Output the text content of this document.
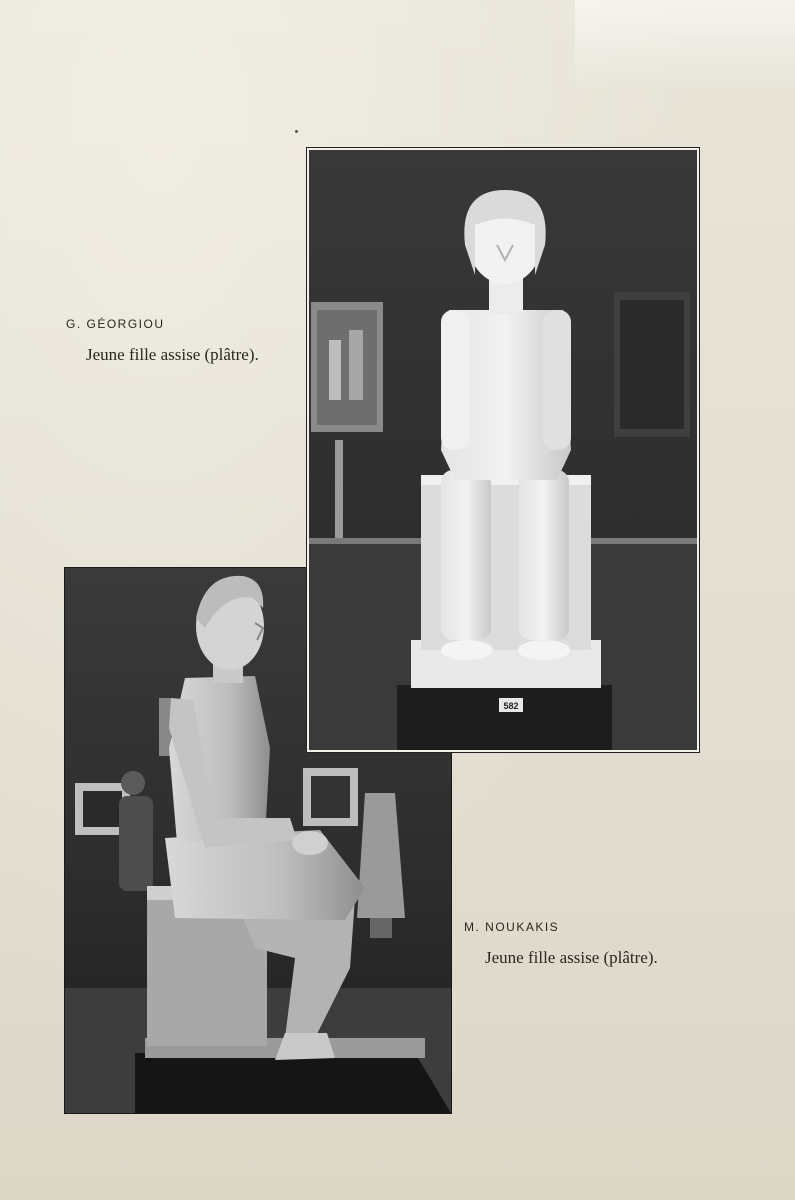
G. GÉORGIOU
Jeune fille assise (plâtre).
582
M. NOUKAKIS
Jeune fille assise (plâtre).
